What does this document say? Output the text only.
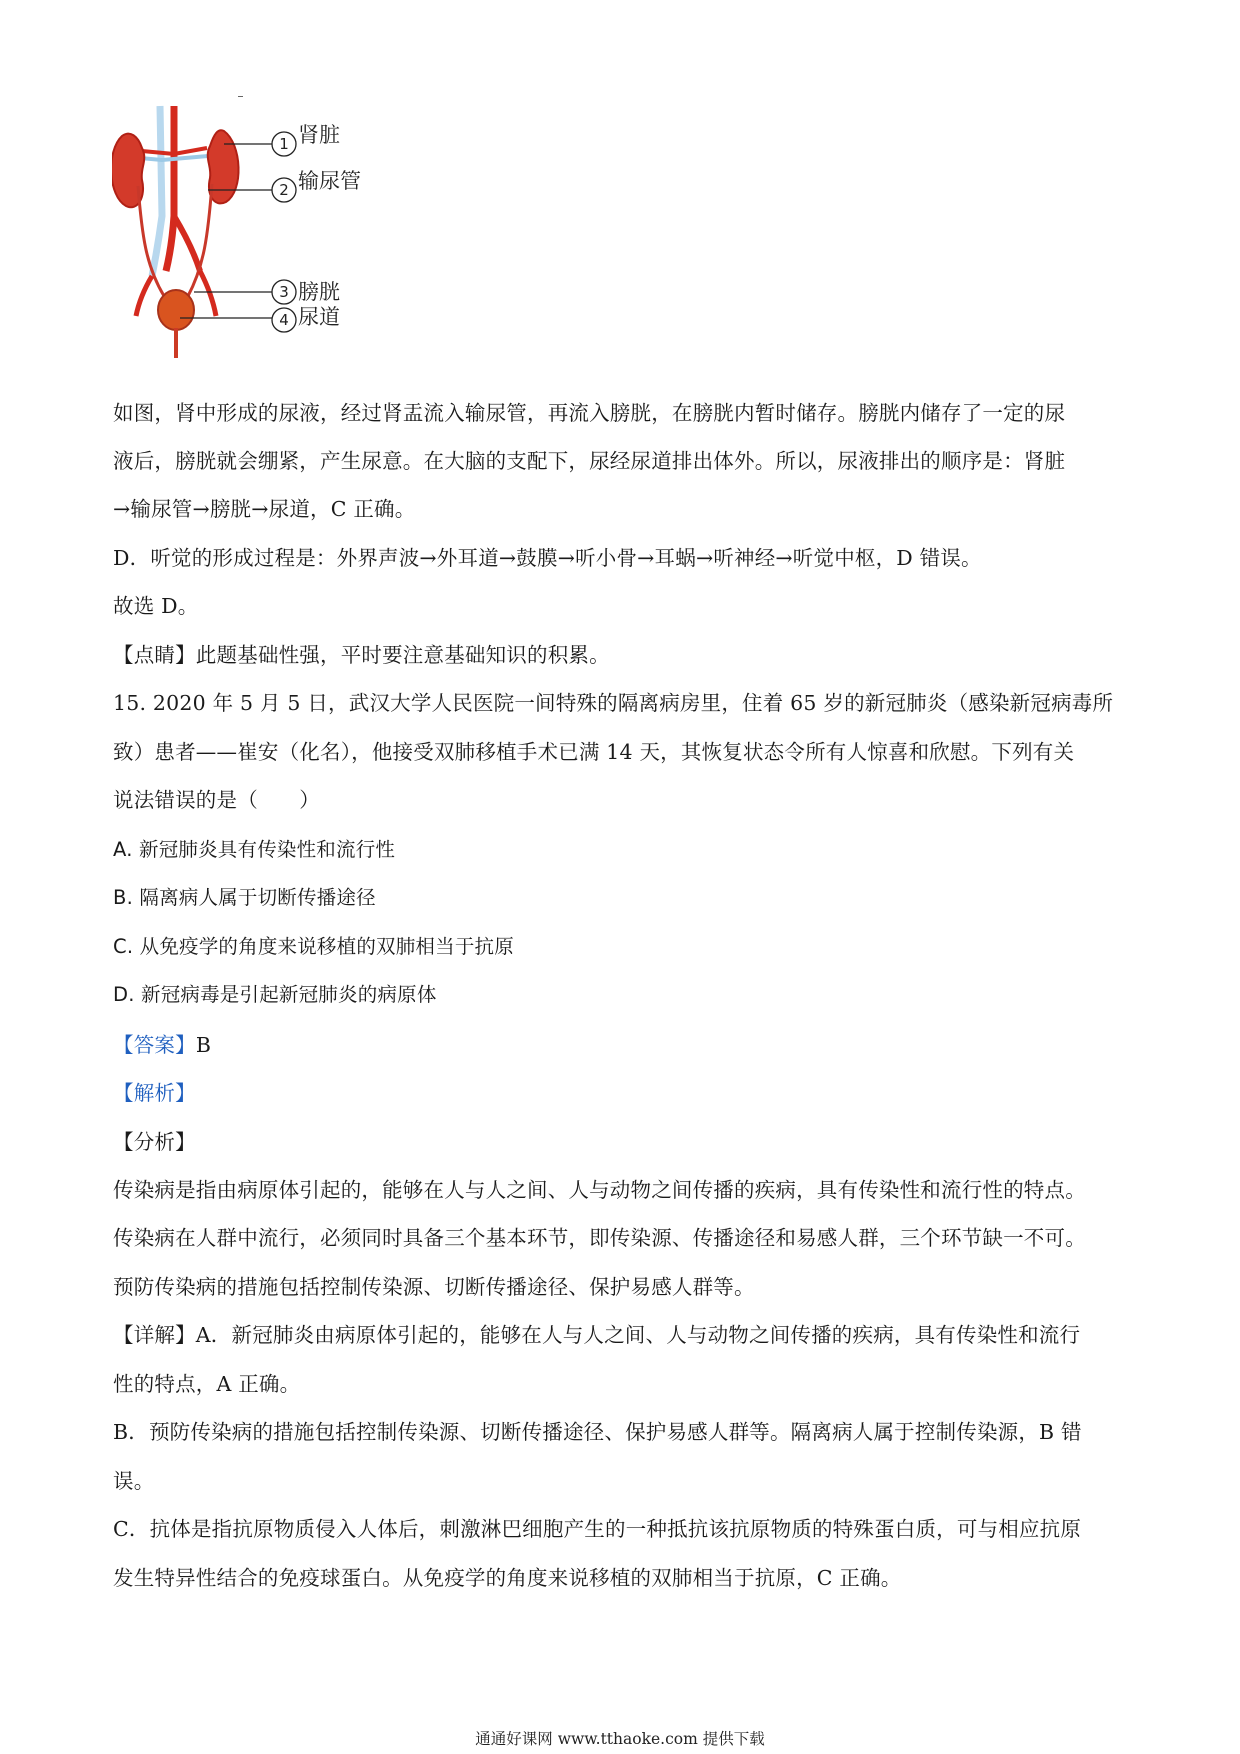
1
2
3
4
肾脏
输尿管
膀胱
尿道
如图，肾中形成的尿液，经过肾盂流入输尿管，再流入膀胱，在膀胱内暂时储存。膀胱内储存了一定的尿
液后，膀胱就会绷紧，产生尿意。在大脑的支配下，尿经尿道排出体外。所以，尿液排出的顺序是：肾脏
→输尿管→膀胱→尿道，C 正确。
D．听觉的形成过程是：外界声波→外耳道→鼓膜→听小骨→耳蜗→听神经→听觉中枢，D 错误。
故选 D。
【点睛】此题基础性强，平时要注意基础知识的积累。
15. 2020 年 5 月 5 日，武汉大学人民医院一间特殊的隔离病房里，住着 65 岁的新冠肺炎（感染新冠病毒所
致）患者——崔安（化名），他接受双肺移植手术已满 14 天，其恢复状态令所有人惊喜和欣慰。下列有关
说法错误的是（　　）
A. 新冠肺炎具有传染性和流行性
B. 隔离病人属于切断传播途径
C. 从免疫学的角度来说移植的双肺相当于抗原
D. 新冠病毒是引起新冠肺炎的病原体
【答案】B
【解析】
【分析】
传染病是指由病原体引起的，能够在人与人之间、人与动物之间传播的疾病，具有传染性和流行性的特点。
传染病在人群中流行，必须同时具备三个基本环节，即传染源、传播途径和易感人群，三个环节缺一不可。
预防传染病的措施包括控制传染源、切断传播途径、保护易感人群等。
【详解】A．新冠肺炎由病原体引起的，能够在人与人之间、人与动物之间传播的疾病，具有传染性和流行
性的特点，A 正确。
B．预防传染病的措施包括控制传染源、切断传播途径、保护易感人群等。隔离病人属于控制传染源，B 错
误。
C．抗体是指抗原物质侵入人体后，刺激淋巴细胞产生的一种抵抗该抗原物质的特殊蛋白质，可与相应抗原
发生特异性结合的免疫球蛋白。从免疫学的角度来说移植的双肺相当于抗原，C 正确。
通通好课网 www.tthaoke.com 提供下载
